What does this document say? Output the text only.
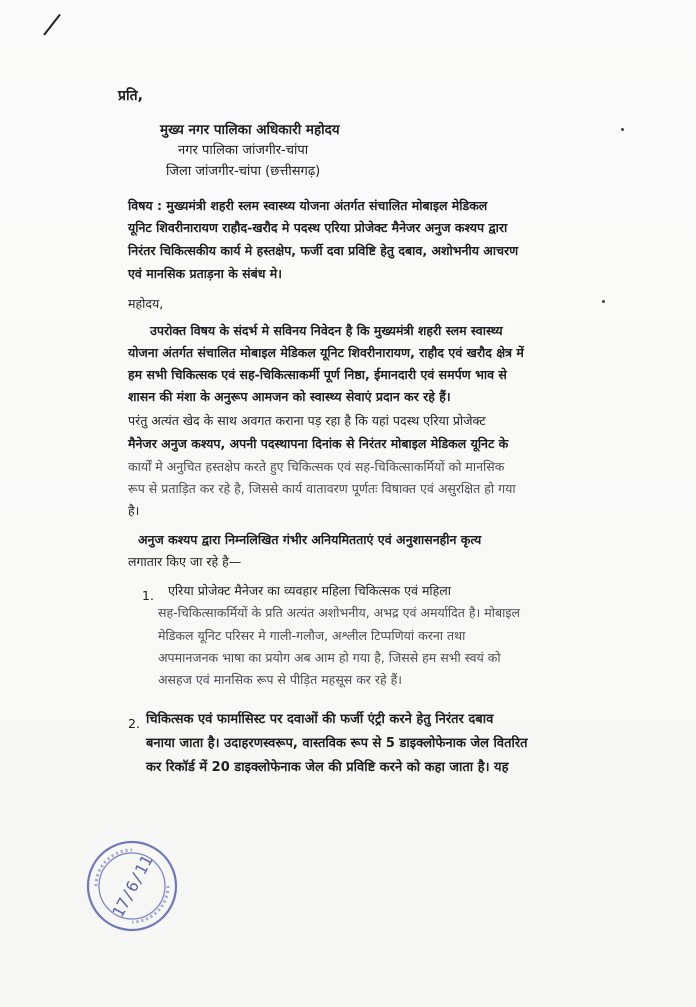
प्रति,
मुख्य नगर पालिका अधिकारी महोदय
नगर पालिका जांजगीर-चांपा
जिला जांजगीर-चांपा (छत्तीसगढ़)
विषय : मुख्यमंत्री शहरी स्लम स्वास्थ्य योजना अंतर्गत संचालित मोबाइल मेडिकल
यूनिट शिवरीनारायण राहौद-खरौद मे पदस्थ एरिया प्रोजेक्ट मैनेजर अनुज कश्यप द्वारा
निरंतर चिकित्सकीय कार्य मे हस्तक्षेप, फर्जी दवा प्रविष्टि हेतु दबाव, अशोभनीय आचरण
एवं मानसिक प्रताड़ना के संबंध मे।
महोदय,
उपरोक्त विषय के संदर्भ मे सविनय निवेदन है कि मुख्यमंत्री शहरी स्लम स्वास्थ्य
योजना अंतर्गत संचालित मोबाइल मेडिकल यूनिट शिवरीनारायण, राहौद एवं खरौद क्षेत्र में
हम सभी चिकित्सक एवं सह-चिकित्साकर्मी पूर्ण निष्ठा, ईमानदारी एवं समर्पण भाव से
शासन की मंशा के अनुरूप आमजन को स्वास्थ्य सेवाएं प्रदान कर रहे हैं।
परंतु अत्यंत खेद के साथ अवगत कराना पड़ रहा है कि यहां पदस्थ एरिया प्रोजेक्ट
मैनेजर अनुज कश्यप, अपनी पदस्थापना दिनांक से निरंतर मोबाइल मेडिकल यूनिट के
कार्यों मे अनुचित हस्तक्षेप करते हुए चिकित्सक एवं सह-चिकित्साकर्मियों को मानसिक
रूप से प्रताड़ित कर रहे है, जिससे कार्य वातावरण पूर्णतः विषाक्त एवं असुरक्षित हो गया
है।
अनुज कश्यप द्वारा निम्नलिखित गंभीर अनियमितताएं एवं अनुशासनहीन कृत्य
लगातार किए जा रहे है—
1. एरिया प्रोजेक्ट मैनेजर का व्यवहार महिला चिकित्सक एवं महिला
सह-चिकित्साकर्मियों के प्रति अत्यंत अशोभनीय, अभद्र एवं अमर्यादित है। मोबाइल
मेडिकल यूनिट परिसर मे गाली-गलौज, अश्लील टिप्पणियां करना तथा
अपमानजनक भाषा का प्रयोग अब आम हो गया है, जिससे हम सभी स्वयं को
असहज एवं मानसिक रूप से पीड़ित महसूस कर रहे हैं।
2. चिकित्सक एवं फार्मासिस्ट पर दवाओं की फर्जी एंट्री करने हेतु निरंतर दबाव
बनाया जाता है। उदाहरणस्वरूप, वास्तविक रूप से 5 डाइक्लोफेनाक जेल वितरित
कर रिकॉर्ड में 20 डाइक्लोफेनाक जेल की प्रविष्टि करने को कहा जाता है। यह
17/6/11
